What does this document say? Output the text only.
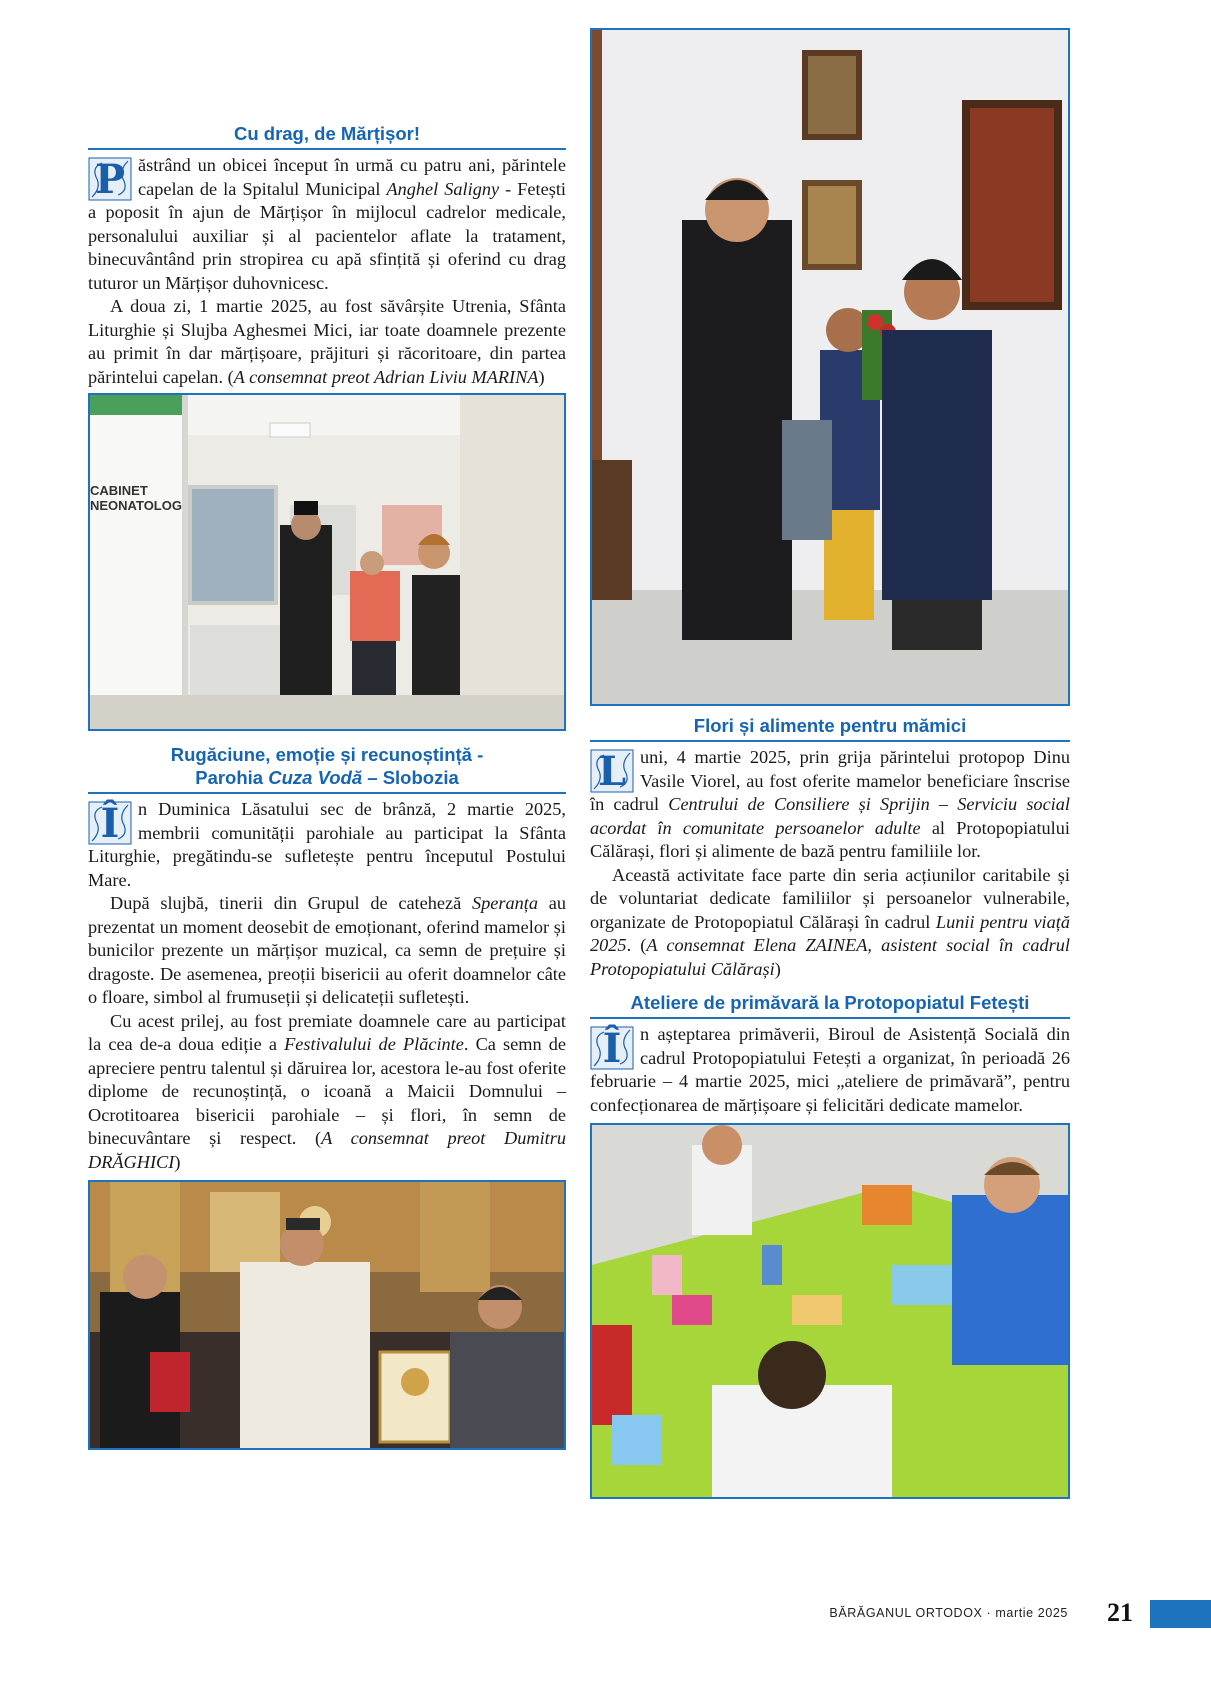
Cu drag, de Mărțișor!

P ăstrând un obicei început în urmă cu patru ani, părintele capelan de la Spitalul Municipal Anghel Saligny - Fetești a poposit în ajun de Mărțișor în mijlocul cadrelor medicale, personalului auxiliar și al pacientelor aflate la tratament, binecuvântând prin stropirea cu apă sfințită și oferind cu drag tuturor un Mărțișor duhovnicesc.

A doua zi, 1 martie 2025, au fost săvârșite Utrenia, Sfânta Liturghie și Slujba Aghesmei Mici, iar toate doamnele prezente au primit în dar mărțișoare, prăjituri și răcoritoare, din partea părintelui capelan. (A consemnat preot Adrian Liviu MARINA)

CABINET
NEONATOLOG
Rugăciune, emoție și recunoștință -
Parohia Cuza Vodă – Slobozia

Î	n Duminica Lăsatului sec de brânză, 2 martie 2025, membrii comunității parohiale au participat la Sfânta Liturghie, pregătindu-se sufletește pentru începutul Postului Mare.

După slujbă, tinerii din Grupul de cateheză Speranța au prezentat un moment deosebit de emoționant, oferind mamelor și bunicilor prezente un mărțișor muzical, ca semn de prețuire și dragoste. De asemenea, preoții bisericii au oferit doamnelor câte o floare, simbol al frumuseții și delicateții sufletești.

Cu acest prilej, au fost premiate doamnele care au participat la cea de-a doua ediție a Festivalului de Plăcinte. Ca semn de apreciere pentru talentul și dăruirea lor, acestora le-au fost oferite diplome de recunoștință, o icoană a Maicii Domnului – Ocrotitoarea bisericii parohiale – și flori, în semn de binecuvântare și respect. (A consemnat preot Dumitru DRĂGHICI)

Flori și alimente pentru mămici

L uni, 4 martie 2025, prin grija părintelui protopop Dinu Vasile Viorel, au fost oferite mamelor beneficiare înscrise în cadrul Centrului de Consiliere și Sprijin – Serviciu social acordat în comunitate persoanelor adulte al Protopopiatului Călărași, flori și alimente de bază pentru familiile lor.

Această activitate face parte din seria acțiunilor caritabile și de voluntariat dedicate familiilor și persoanelor vulnerabile, organizate de Protopopiatul Călărași în cadrul Lunii pentru viață 2025. (A consemnat Elena ZAINEA, asistent social în cadrul Protopopiatului Călărași)

Ateliere de primăvară la Protopopiatul Fetești

Î	n așteptarea primăverii, Biroul de Asistență Socială din cadrul Protopopiatului Fetești a organizat, în perioadă 26 februarie – 4 martie 2025, mici „ateliere de primăvară”, pentru confecționarea de mărțișoare și felicitări dedicate mamelor.

BĂRĂGANUL ORTODOX · martie 2025 21
